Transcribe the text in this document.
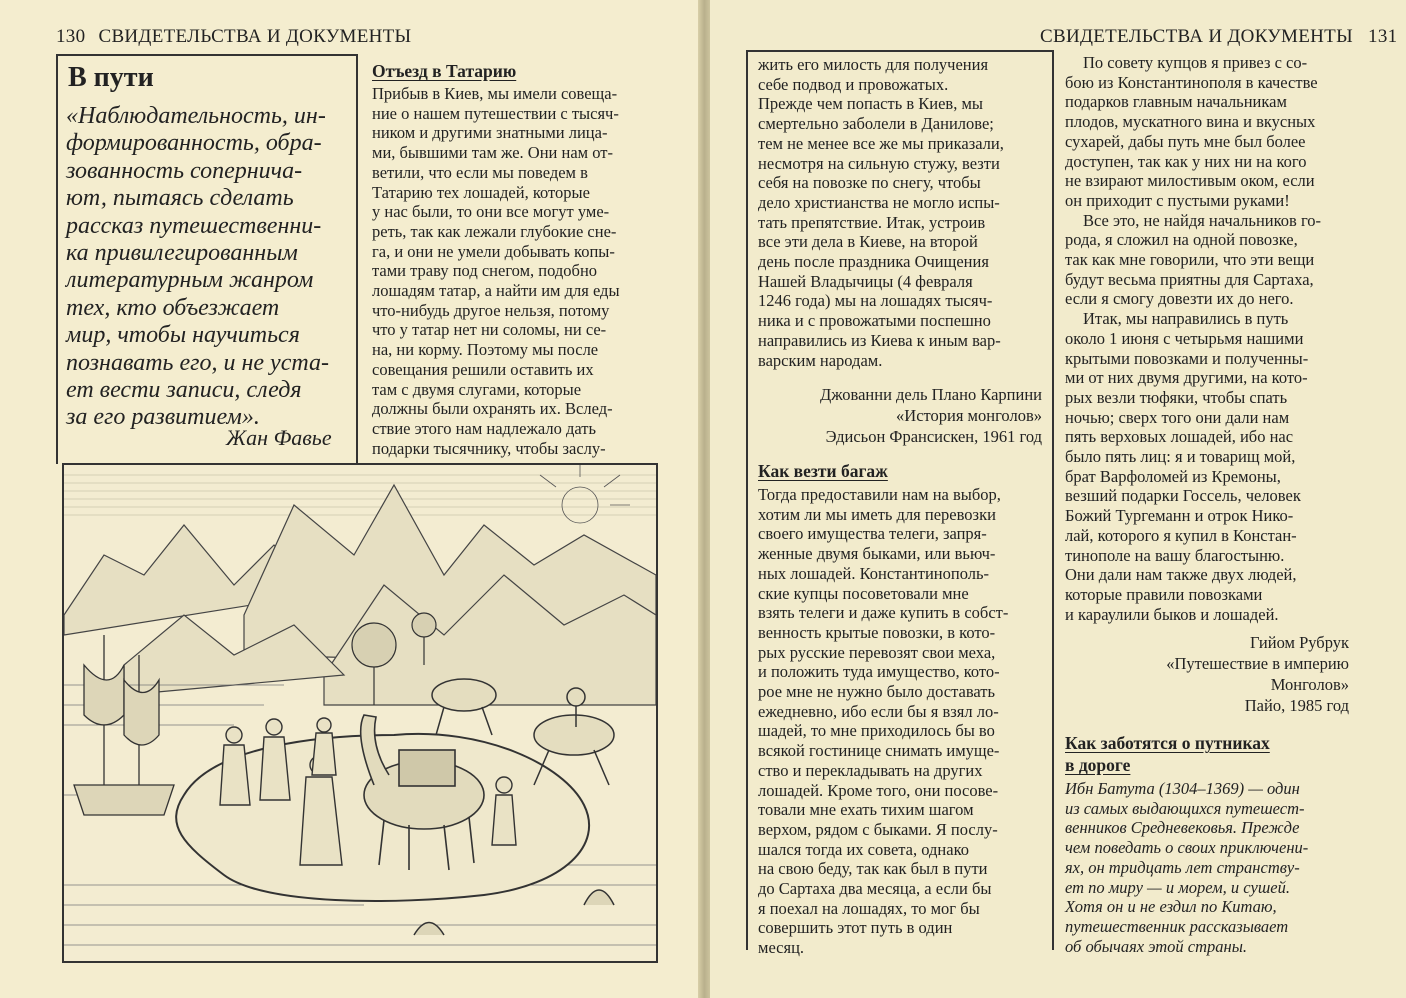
130 СВИДЕТЕЛЬСТВА И ДОКУМЕНТЫ
В пути
«Наблюдательность, ин-
формированность, обра-
зованность сопернича-
ют, пытаясь сделать
рассказ путешественни-
ка привилегированным
литературным жанром
тех, кто объезжает
мир, чтобы научиться
познавать его, и не уста-
ет вести записи, следя
за его развитием».
Жан Фавье
Отъезд в Татарию
Прибыв в Киев, мы имели совеща-
ние о нашем путешествии с тысяч-
ником и другими знатными лица-
ми, бывшими там же. Они нам от-
ветили, что если мы поведем в
Татарию тех лошадей, которые
у нас были, то они все могут уме-
реть, так как лежали глубокие сне-
га, и они не умели добывать копы-
тами траву под снегом, подобно
лошадям татар, а найти им для еды
что-нибудь другое нельзя, потому
что у татар нет ни соломы, ни се-
на, ни корму. Поэтому мы после
совещания решили оставить их
там с двумя слугами, которые
должны были охранять их. Вслед-
ствие этого нам надлежало дать
подарки тысячнику, чтобы заслу-
СВИДЕТЕЛЬСТВА И ДОКУМЕНТЫ 131
жить его милость для получения
себе подвод и провожатых.
Прежде чем попасть в Киев, мы
смертельно заболели в Данилове;
тем не менее все же мы приказали,
несмотря на сильную стужу, везти
себя на повозке по снегу, чтобы
дело христианства не могло испы-
тать препятствие. Итак, устроив
все эти дела в Киеве, на второй
день после праздника Очищения
Нашей Владычицы (4 февраля
1246 года) мы на лошадях тысяч-
ника и с провожатыми поспешно
направились из Киева к иным вар-
варским народам.
Джованни дель Плано Карпини
«История монголов»
Эдисьон Франсискен, 1961 год
Как везти багаж
Тогда предоставили нам на выбор,
хотим ли мы иметь для перевозки
своего имущества телеги, запря-
женные двумя быками, или вьюч-
ных лошадей. Константинополь-
ские купцы посоветовали мне
взять телеги и даже купить в собст-
венность крытые повозки, в кото-
рых русские перевозят свои меха,
и положить туда имущество, кото-
рое мне не нужно было доставать
ежедневно, ибо если бы я взял ло-
шадей, то мне приходилось бы во
всякой гостинице снимать имуще-
ство и перекладывать на других
лошадей. Кроме того, они посове-
товали мне ехать тихим шагом
верхом, рядом с быками. Я послу-
шался тогда их совета, однако
на свою беду, так как был в пути
до Сартаха два месяца, а если бы
я поехал на лошадях, то мог бы
совершить этот путь в один
месяц.
По совету купцов я привез с со-
бою из Константинополя в качестве
подарков главным начальникам
плодов, мускатного вина и вкусных
сухарей, дабы путь мне был более
доступен, так как у них ни на кого
не взирают милостивым оком, если
он приходит с пустыми руками!
Все это, не найдя начальников го-
рода, я сложил на одной повозке,
так как мне говорили, что эти вещи
будут весьма приятны для Сартаха,
если я смогу довезти их до него.
Итак, мы направились в путь
около 1 июня с четырьмя нашими
крытыми повозками и полученны-
ми от них двумя другими, на кото-
рых везли тюфяки, чтобы спать
ночью; сверх того они дали нам
пять верховых лошадей, ибо нас
было пять лиц: я и товарищ мой,
брат Варфоломей из Кремоны,
везший подарки Госсель, человек
Божий Тургеманн и отрок Нико-
лай, которого я купил в Констан-
тинополе на вашу благостыню.
Они дали нам также двух людей,
которые правили повозками
и караулили быков и лошадей.
Гийом Рубрук
«Путешествие в империю
Монголов»
Пайо, 1985 год
Как заботятся о путниках
в дороге
Ибн Батута (1304–1369) — один
из самых выдающихся путешест-
венников Средневековья. Прежде
чем поведать о своих приключени-
ях, он тридцать лет странству-
ет по миру — и морем, и сушей.
Хотя он и не ездил по Китаю,
путешественник рассказывает
об обычаях этой страны.
